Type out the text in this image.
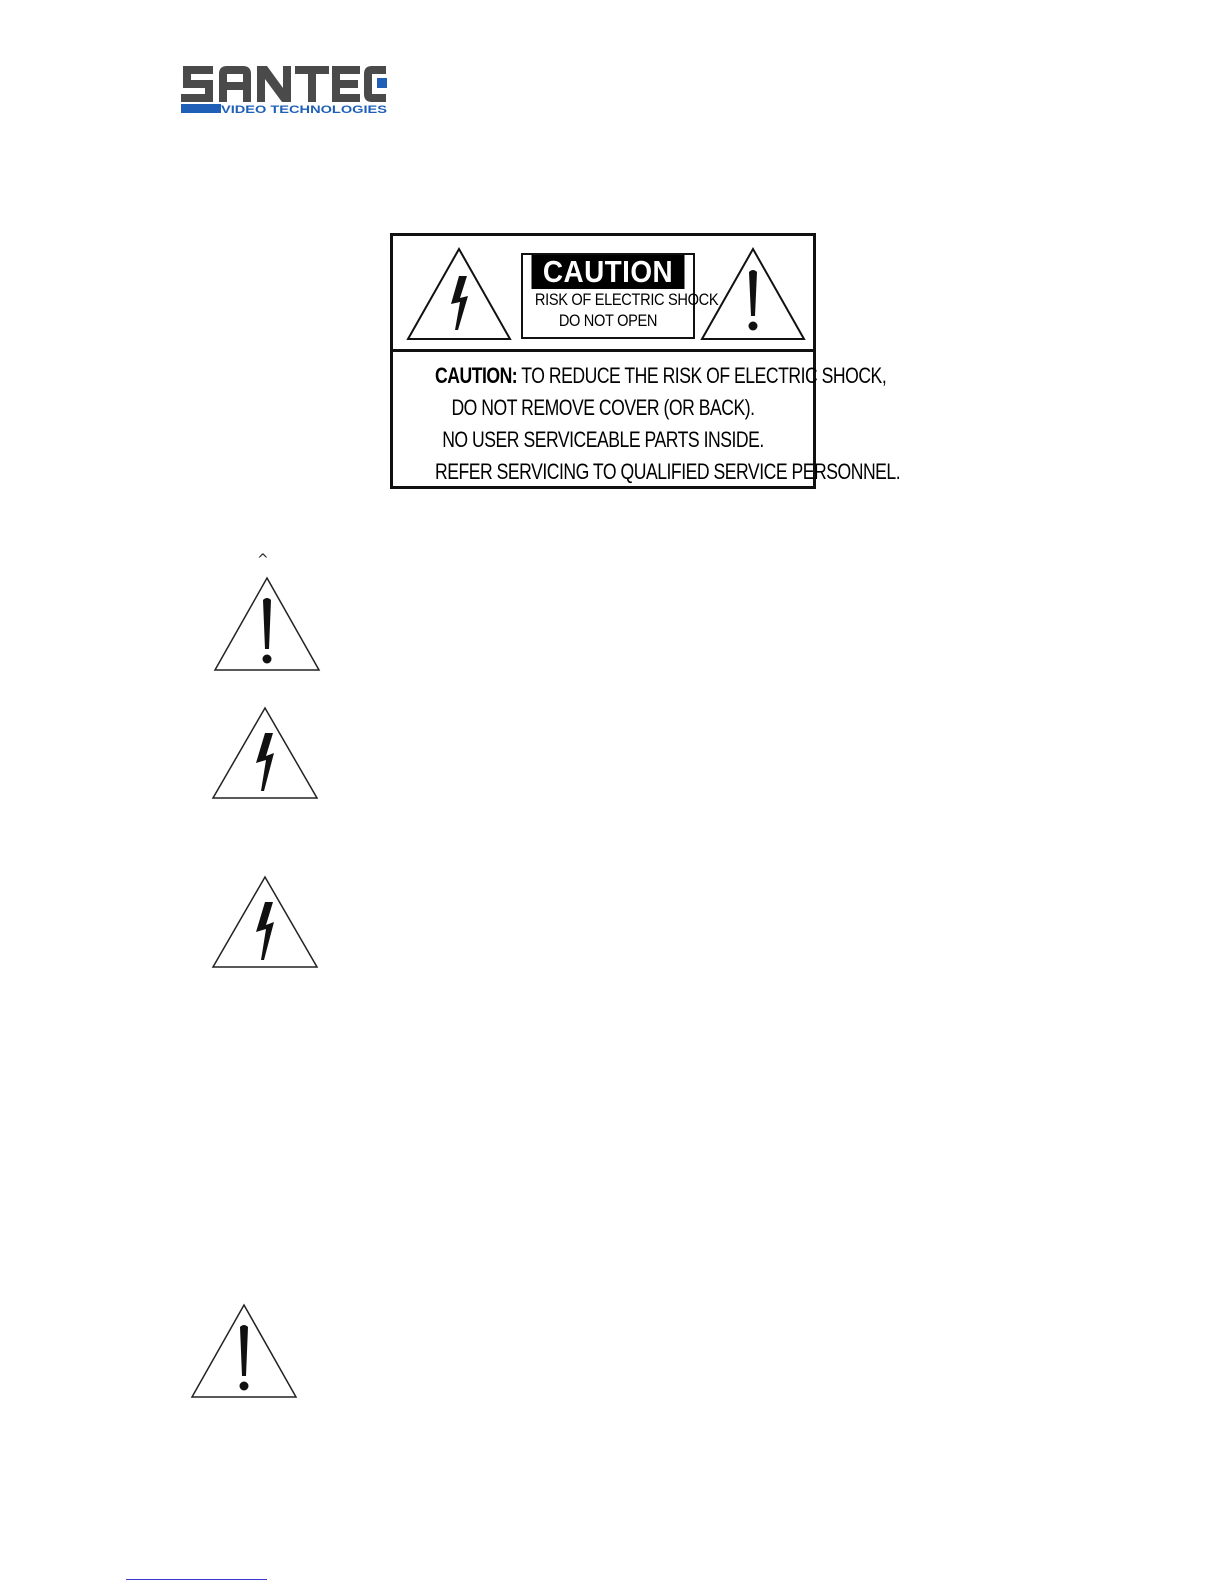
VIDEO TECHNOLOGIES
CAUTION
RISK OF ELECTRIC SHOCK
DO NOT OPEN
CAUTION: TO REDUCE THE RISK OF ELECTRIC SHOCK,
DO NOT REMOVE COVER (OR BACK).
NO USER SERVICEABLE PARTS INSIDE.
REFER SERVICING TO QUALIFIED SERVICE PERSONNEL.
^
